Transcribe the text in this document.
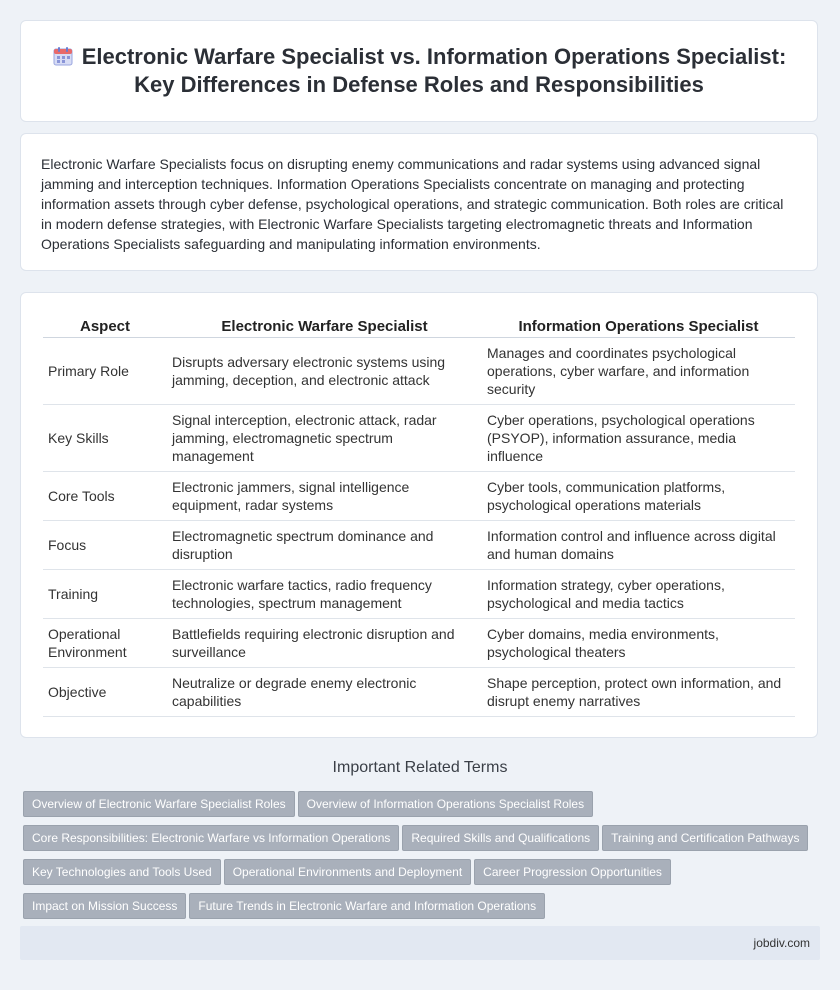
Electronic Warfare Specialist vs. Information Operations Specialist: Key Differences in Defense Roles and Responsibilities

Electronic Warfare Specialists focus on disrupting enemy communications and radar systems using advanced signal jamming and interception techniques. Information Operations Specialists concentrate on managing and protecting information assets through cyber defense, psychological operations, and strategic communication. Both roles are critical in modern defense strategies, with Electronic Warfare Specialists targeting electromagnetic threats and Information Operations Specialists safeguarding and manipulating information environments.

Aspect	Electronic Warfare Specialist	Information Operations Specialist
Primary Role	Disrupts adversary electronic systems using jamming, deception, and electronic attack	Manages and coordinates psychological operations, cyber warfare, and information security
Key Skills	Signal interception, electronic attack, radar jamming, electromagnetic spectrum management	Cyber operations, psychological operations (PSYOP), information assurance, media influence
Core Tools	Electronic jammers, signal intelligence equipment, radar systems	Cyber tools, communication platforms, psychological operations materials
Focus	Electromagnetic spectrum dominance and disruption	Information control and influence across digital and human domains
Training	Electronic warfare tactics, radio frequency technologies, spectrum management	Information strategy, cyber operations, psychological and media tactics
Operational Environment	Battlefields requiring electronic disruption and surveillance	Cyber domains, media environments, psychological theaters
Objective	Neutralize or degrade enemy electronic capabilities	Shape perception, protect own information, and disrupt enemy narratives
Important Related Terms
Overview of Electronic Warfare Specialist Roles Overview of Information Operations Specialist Roles
Core Responsibilities: Electronic Warfare vs Information Operations Required Skills and Qualifications Training and Certification Pathways
Key Technologies and Tools Used Operational Environments and Deployment Career Progression Opportunities
Impact on Mission Success Future Trends in Electronic Warfare and Information Operations
jobdiv.com
